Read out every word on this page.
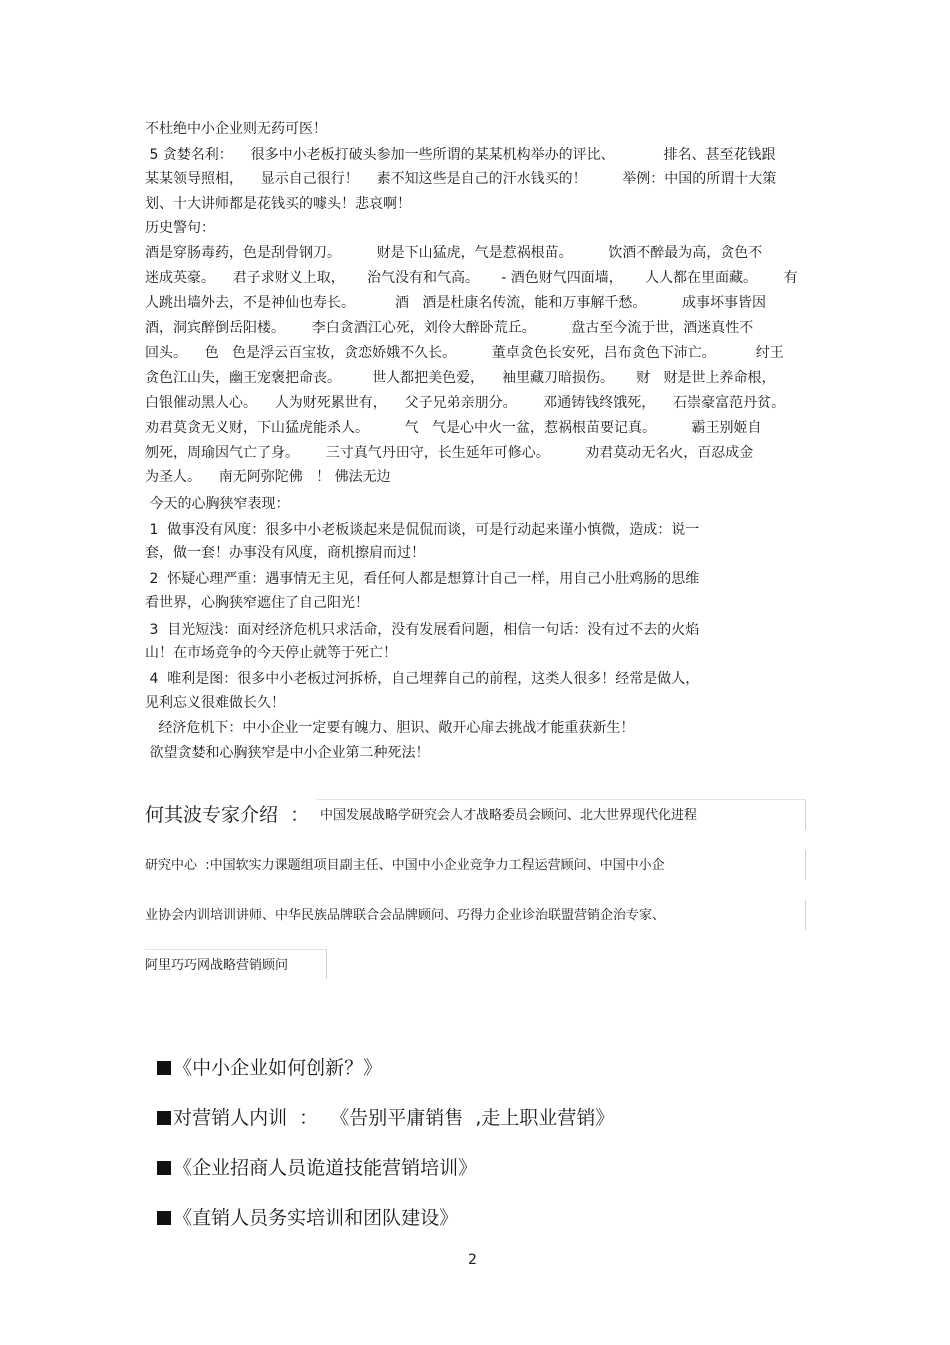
不杜绝中小企业则无药可医！
5 贪婪名利：    很多中小老板打破头参加一些所谓的某某机构举办的评比、           排名、甚至花钱跟
某某领导照相，    显示自己很行！    素不知这些是自己的汗水钱买的！        举例：中国的所谓十大策
划、十大讲师都是花钱买的噱头！悲哀啊！
历史警句：
酒是穿肠毒药，色是刮骨钢刀。        财是下山猛虎，气是惹祸根苗。        饮酒不醉最为高，贪色不
迷成英豪。    君子求财义上取，     治气没有和气高。     - 酒色财气四面墙，     人人都在里面藏。      有
人跳出墙外去，不是神仙也寿长。         酒   酒是杜康名传流，能和万事解千愁。        成事坏事皆因
酒，洞宾醉倒岳阳楼。      李白贪酒江心死，刘伶大醉卧荒丘。        盘古至今流于世，酒迷真性不
回头。    色   色是浮云百宝妆，贪恋娇娥不久长。        董卓贪色长安死，吕布贪色下沛亡。         纣王
贪色江山失，幽王宠褒把命丧。       世人都把美色爱，    袖里藏刀暗损伤。     财   财是世上养命根，
白银催动黑人心。    人为财死累世有，    父子兄弟亲朋分。      邓通铸钱终饿死，    石崇豪富范丹贫。
劝君莫贪无义财，下山猛虎能杀人。        气   气是心中火一盆，惹祸根苗要记真。        霸王别姬自
刎死，周瑜因气亡了身。      三寸真气丹田守，长生延年可修心。        劝君莫动无名火，百忍成金
为圣人。    南无阿弥陀佛   ！ 佛法无边
今天的心胸狭窄表现：
1  做事没有风度：很多中小老板谈起来是侃侃而谈，可是行动起来谨小慎微，造成：说一
套，做一套！办事没有风度，商机擦肩而过！
2  怀疑心理严重：遇事情无主见，看任何人都是想算计自己一样，用自己小肚鸡肠的思维
看世界，心胸狭窄遮住了自己阳光！
3  目光短浅：面对经济危机只求活命，没有发展看问题，相信一句话：没有过不去的火焰
山！在市场竞争的今天停止就等于死亡！
4  唯利是图：很多中小老板过河拆桥，自己埋葬自己的前程，这类人很多！经常是做人，
见利忘义很难做长久！
经济危机下：中小企业一定要有魄力、胆识、敞开心扉去挑战才能重获新生！
欲望贪婪和心胸狭窄是中小企业第二种死法！
何其波专家介绍  ： 中国发展战略学研究会人才战略委员会顾问、北大世界现代化进程
研究中心  :中国软实力课题组项目副主任、中国中小企业竞争力工程运营顾问、中国中小企
业协会内训培训讲师、中华民族品牌联合会品牌顾问、巧得力企业诊治联盟营销企治专家、
阿里巧巧网战略营销顾问

《中小企业如何创新？》

对营销人内训  ：  《告别平庸销售  ,走上职业营销》

《企业招商人员诡道技能营销培训》

《直销人员务实培训和团队建设》

2
